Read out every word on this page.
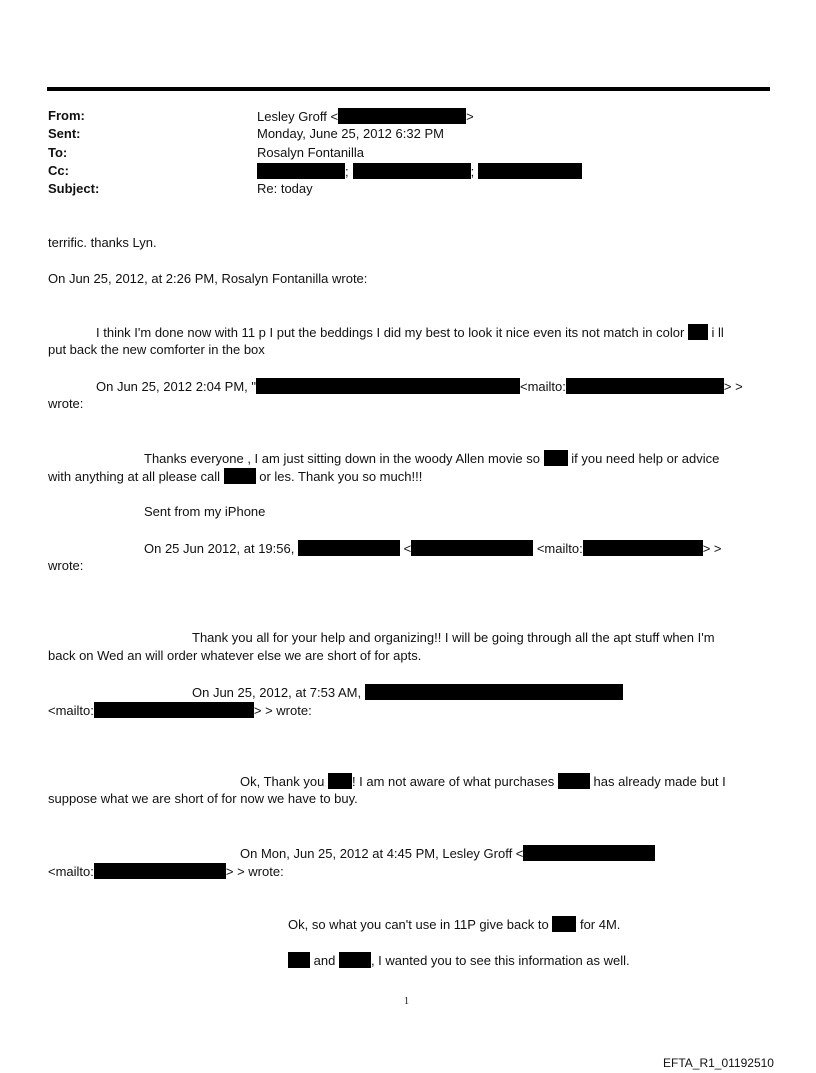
From:	Lesley Groff <	>
Sent:	Monday, June 25, 2012 6:32 PM
To:	Rosalyn Fontanilla
Cc:	;	;
Subject:	Re: today
terrific. thanks Lyn.
On Jun 25, 2012, at 2:26 PM, Rosalyn Fontanilla wrote:
I think I'm done now with 11 p I put the beddings I did my best to look it nice even its not match in color i ll
put back the new comforter in the box
On Jun 25, 2012 2:04 PM, "	<mailto:	> >
wrote:
Thanks everyone , I am just sitting down in the woody Allen movie so if you need help or advice
with anything at all please call	or les. Thank you so much!!!
Sent from my iPhone
On 25 Jun 2012, at 19:56,	<	<mailto:	> >
wrote:
Thank you all for your help and organizing!! I will be going through all the apt stuff when I'm
back on Wed an will order whatever else we are short of for apts.
On Jun 25, 2012, at 7:53 AM,
<mailto:	> > wrote:
Ok, Thank you ! I am not aware of what purchases	has already made but I
suppose what we are short of for now we have to buy.
On Mon, Jun 25, 2012 at 4:45 PM, Lesley Groff <
<mailto:	> > wrote:
Ok, so what you can't use in 11P give back to for 4M.
and	, I wanted you to see this information as well.
1
EFTA_R1_01192510
